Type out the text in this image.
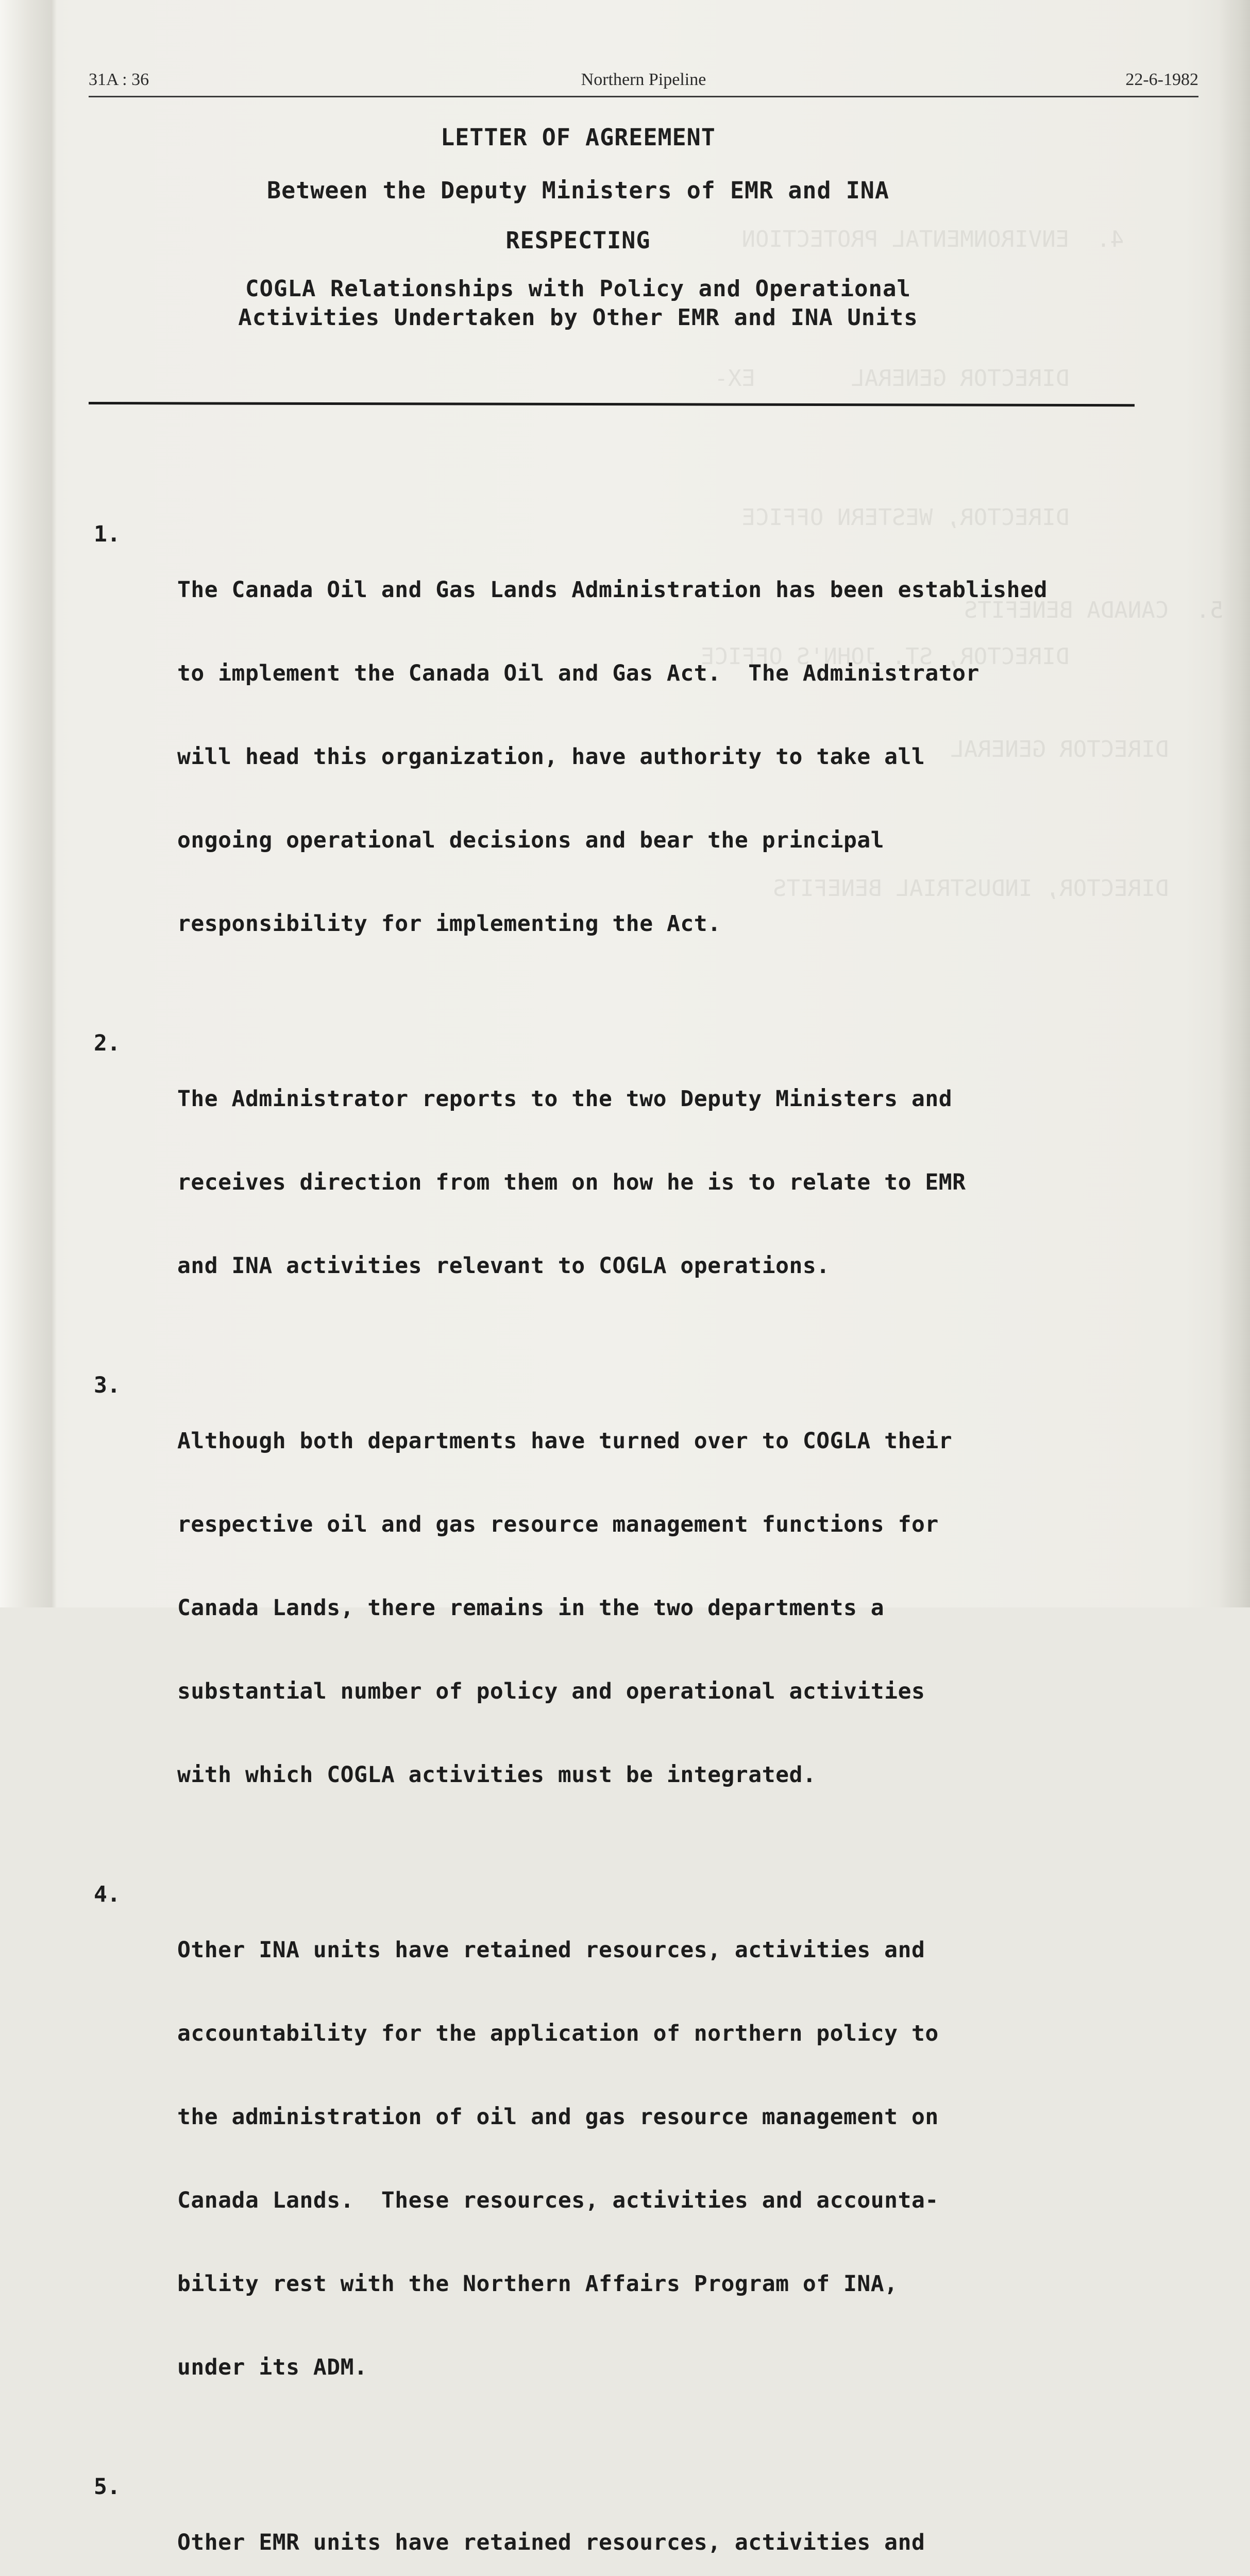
4.  ENVIRONMENTAL PROTECTION

DIRECTOR GENERAL       EX-

DIRECTOR, WESTERN OFFICE

DIRECTOR, ST. JOHN'S OFFICE

5.  CANADA BENEFITS

DIRECTOR GENERAL

DIRECTOR, INDUSTRIAL BENEFITS

31A : 36	Northern Pipeline	22-6-1982
LETTER OF AGREEMENT
Between the Deputy Ministers of EMR and INA
RESPECTING
COGLA Relationships with Policy and Operational
Activities Undertaken by Other EMR and INA Units
1.

The Canada Oil and Gas Lands Administration has been established

to implement the Canada Oil and Gas Act.  The Administrator

will head this organization, have authority to take all

ongoing operational decisions and bear the principal

responsibility for implementing the Act.

2.

The Administrator reports to the two Deputy Ministers and

receives direction from them on how he is to relate to EMR

and INA activities relevant to COGLA operations.

3.

Although both departments have turned over to COGLA their

respective oil and gas resource management functions for

Canada Lands, there remains in the two departments a

substantial number of policy and operational activities

with which COGLA activities must be integrated.

4.

Other INA units have retained resources, activities and

accountability for the application of northern policy to

the administration of oil and gas resource management on

Canada Lands.  These resources, activities and accounta-

bility rest with the Northern Affairs Program of INA,

under its ADM.

5.

Other EMR units have retained resources, activities and
